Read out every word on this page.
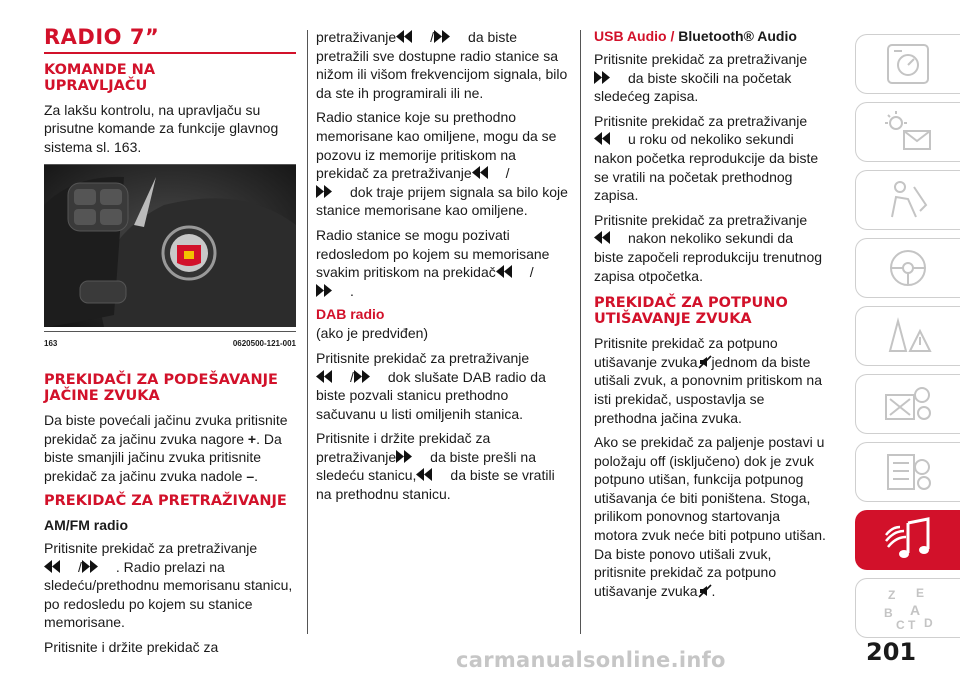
RADIO 7”
KOMANDE NA
UPRAVLJAČU

Za lakšu kontrolu, na upravljaču su prisutne komande za funkcije glavnog sistema sl. 163.

163	0620500-121-001
PREKIDAČI ZA PODEŠAVANJE
JAČINE ZVUKA

Da biste povećali jačinu zvuka pritisnite prekidač za jačinu zvuka nagore +. Da biste smanjili jačinu zvuka pritisnite prekidač za jačinu zvuka nadole –.

PREKIDAČ ZA PRETRAŽIVANJE

AM/FM radio

Pritisnite prekidač za pretraživanje

/ . Radio prelazi na sledeću/prethodnu memorisanu stanicu, po redosledu po kojem su stanice memorisane.

Pritisnite i držite prekidač za

pretraživanje / da biste pretražili sve dostupne radio stanice sa nižom ili višom frekvencijom signala, bilo da ste ih programirali ili ne.

Radio stanice koje su prethodno memorisane kao omiljene, mogu da se pozovu iz memorije pritiskom na prekidač za pretraživanje /

dok traje prijem signala sa bilo koje stanice memorisane kao omiljene.

Radio stanice se mogu pozivati redosledom po kojem su memorisane svakim pritiskom na prekidač /

.

DAB radio

(ako je predviđen)

Pritisnite prekidač za pretraživanje

/ dok slušate DAB radio da biste pozvali stanicu prethodno sačuvanu u listi omiljenih stanica.

Pritisnite i držite prekidač za pretraživanje da biste prešli na sledeću stanicu, da biste se vratili na prethodnu stanicu.

USB Audio / Bluetooth® Audio

Pritisnite prekidač za pretraživanje

da biste skočili na početak sledećeg zapisa.

Pritisnite prekidač za pretraživanje

u roku od nekoliko sekundi nakon početka reprodukcije da biste se vratili na početak prethodnog zapisa.

Pritisnite prekidač za pretraživanje

nakon nekoliko sekundi da biste započeli reprodukciju trenutnog zapisa otpočetka.

PREKIDAČ ZA POTPUNO
UTIŠAVANJE ZVUKA

Pritisnite prekidač za potpuno utišavanje zvuka jednom da biste utišali zvuk, a ponovnim pritiskom na isti prekidač, uspostavlja se prethodna jačina zvuka.

Ako se prekidač za paljenje postavi u položaju off (isključeno) dok je zvuk potpuno utišan, funkcija potpunog utišavanja će biti poništena. Stoga, prilikom ponovnog startovanja motora zvuk neće biti potpuno utišan. Da biste ponovo utišali zvuk, pritisnite prekidač za potpuno utišavanje zvuka .	Z E
B A
C T D
201
carmanualsonline.info
